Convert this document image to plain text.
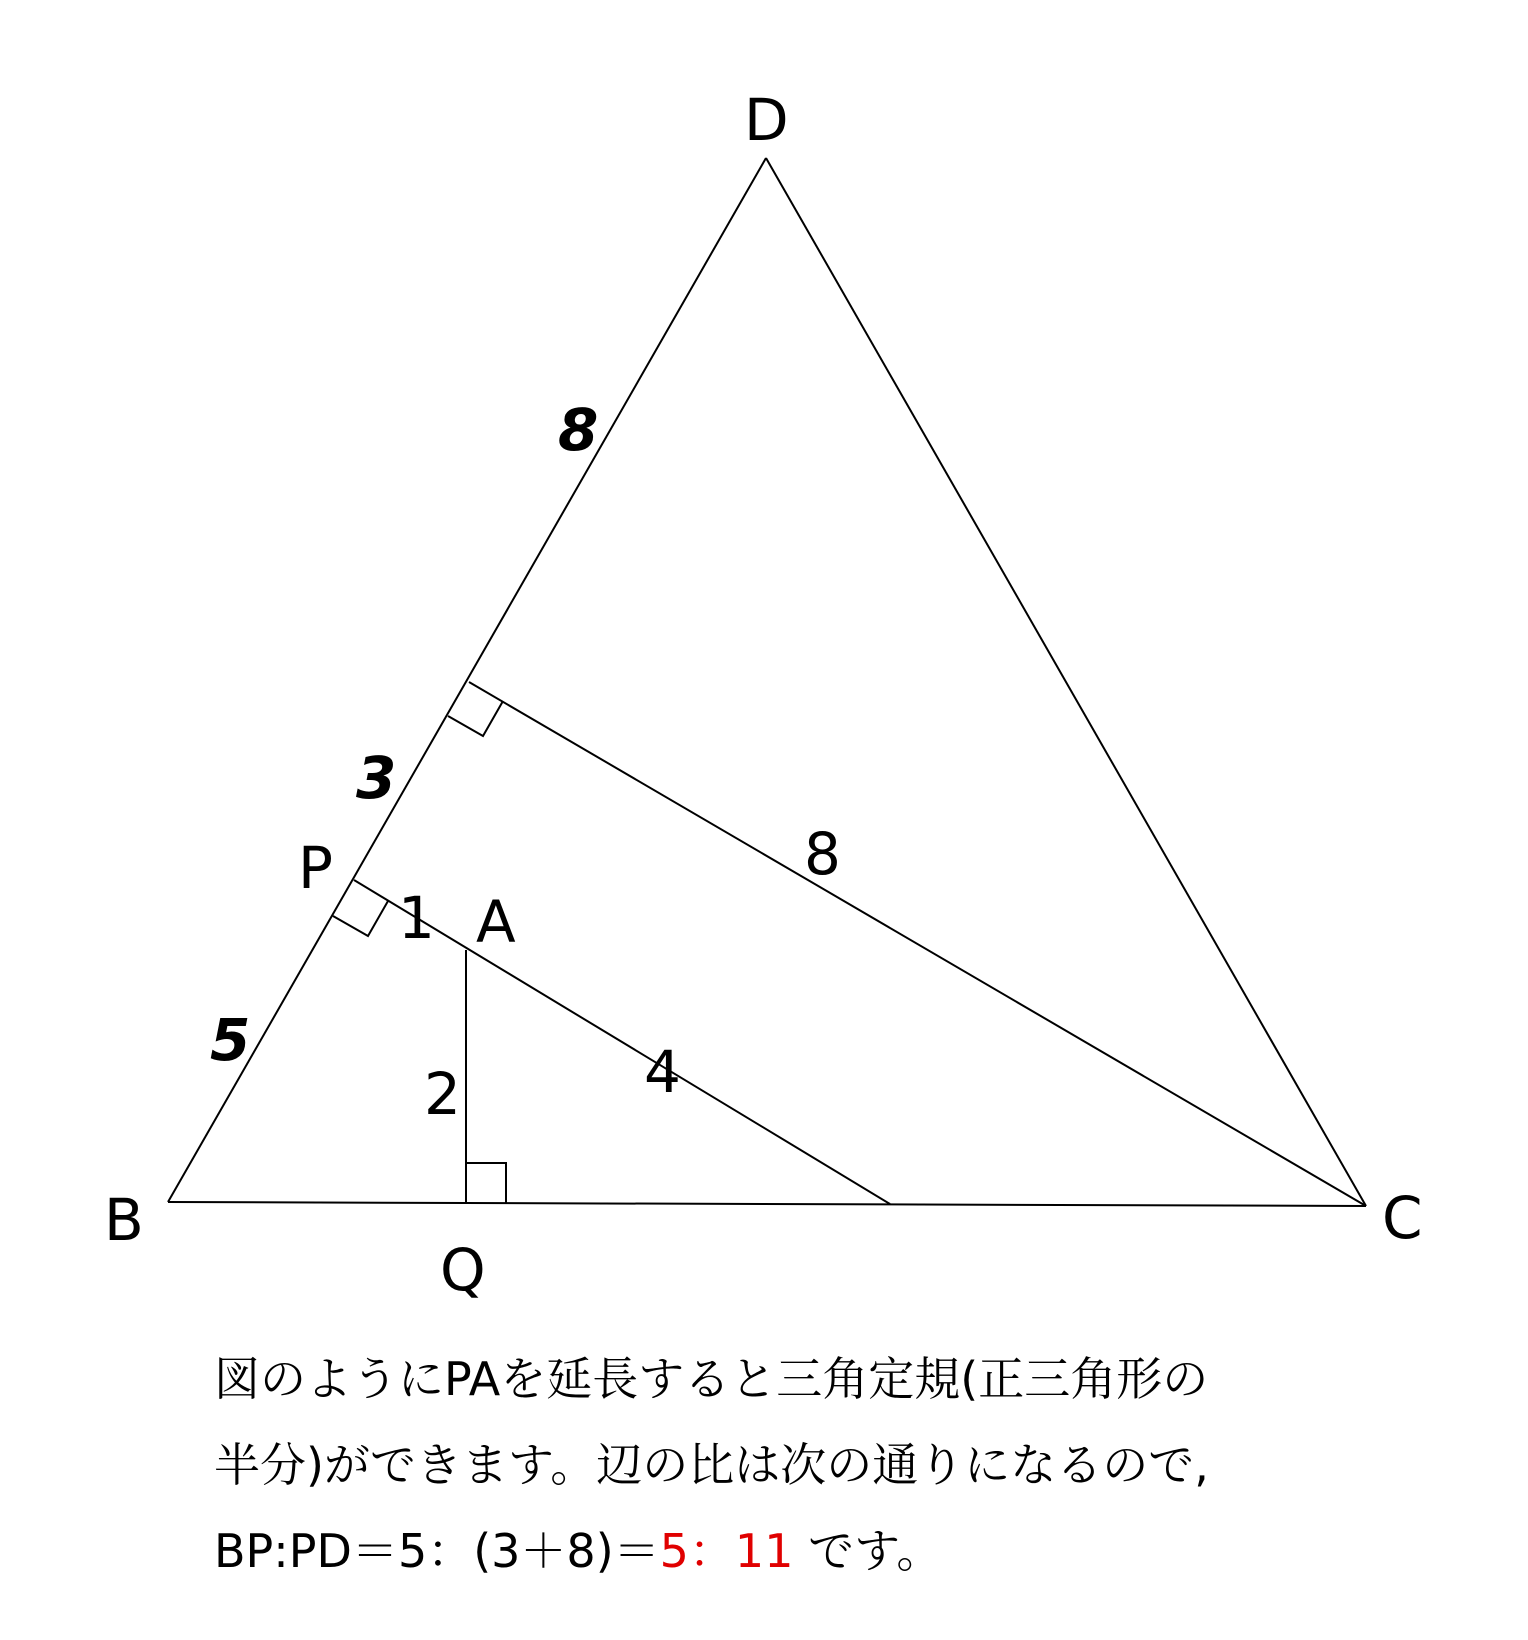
D
B	C
P
A
Q
8
3
5
1
2	4
8
図のようにPAを延長すると三角定規(正三角形の
半分)ができます。辺の比は次の通りになるので,
BP:PD＝5：(3＋8)＝5：11 です。
